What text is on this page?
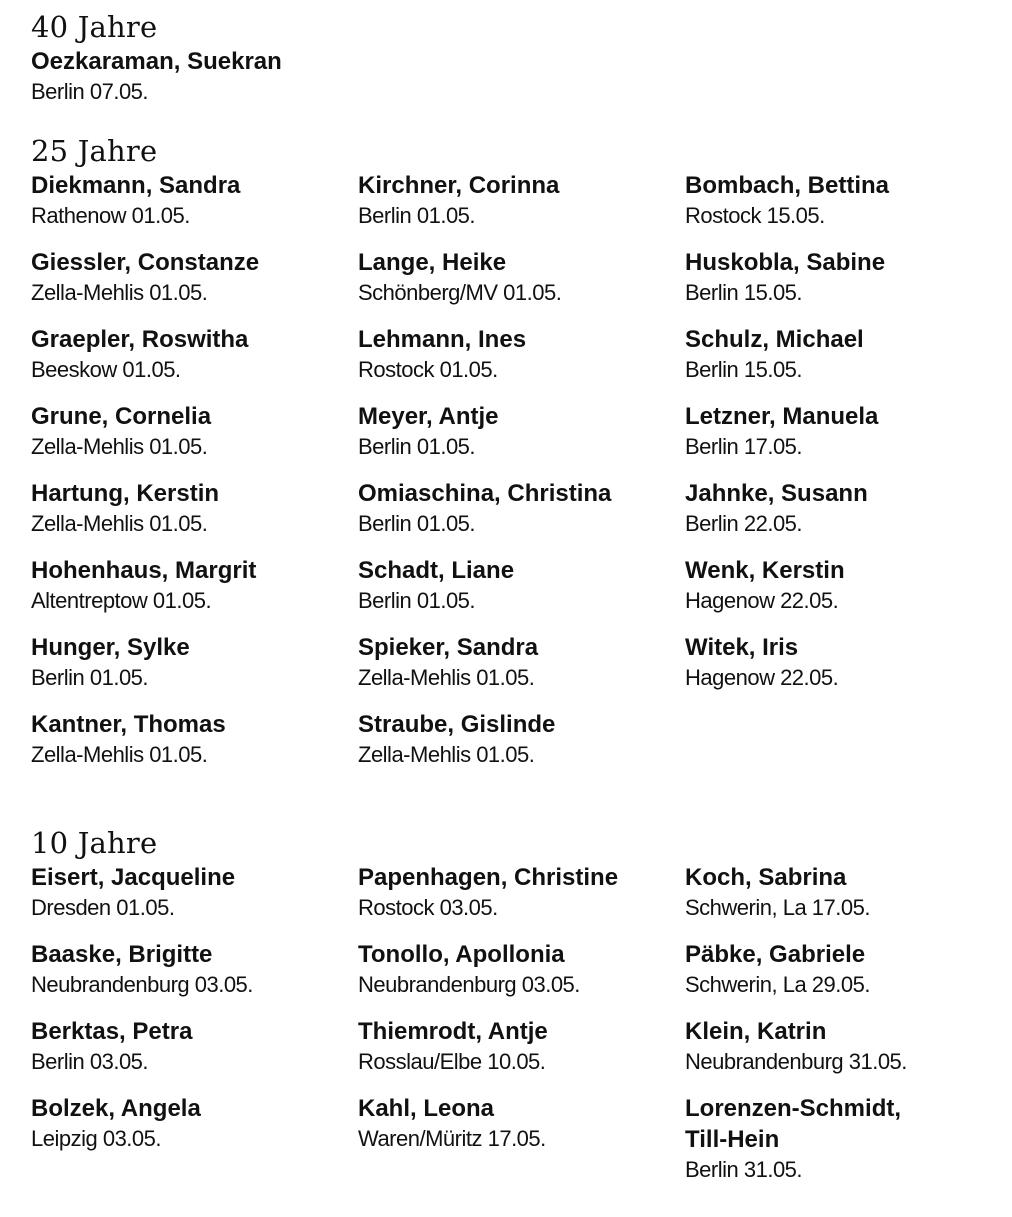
40 Jahre
Oezkaraman, Suekran
Berlin 07.05.
25 Jahre
Diekmann, Sandra
Rathenow 01.05.
Giessler, Constanze
Zella-Mehlis 01.05.
Graepler, Roswitha
Beeskow 01.05.
Grune, Cornelia
Zella-Mehlis 01.05.
Hartung, Kerstin
Zella-Mehlis 01.05.
Hohenhaus, Margrit
Altentreptow 01.05.
Hunger, Sylke
Berlin 01.05.
Kantner, Thomas
Zella-Mehlis 01.05.
Kirchner, Corinna
Berlin 01.05.
Lange, Heike
Schönberg/MV 01.05.
Lehmann, Ines
Rostock 01.05.
Meyer, Antje
Berlin 01.05.
Omiaschina, Christina
Berlin 01.05.
Schadt, Liane
Berlin 01.05.
Spieker, Sandra
Zella-Mehlis 01.05.
Straube, Gislinde
Zella-Mehlis 01.05.
Bombach, Bettina
Rostock 15.05.
Huskobla, Sabine
Berlin 15.05.
Schulz, Michael
Berlin 15.05.
Letzner, Manuela
Berlin 17.05.
Jahnke, Susann
Berlin 22.05.
Wenk, Kerstin
Hagenow 22.05.
Witek, Iris
Hagenow 22.05.
10 Jahre
Eisert, Jacqueline
Dresden 01.05.
Baaske, Brigitte
Neubrandenburg 03.05.
Berktas, Petra
Berlin 03.05.
Bolzek, Angela
Leipzig 03.05.
Papenhagen, Christine
Rostock 03.05.
Tonollo, Apollonia
Neubrandenburg 03.05.
Thiemrodt, Antje
Rosslau/Elbe 10.05.
Kahl, Leona
Waren/Müritz 17.05.
Koch, Sabrina
Schwerin, La 17.05.
Päbke, Gabriele
Schwerin, La 29.05.
Klein, Katrin
Neubrandenburg 31.05.
Lorenzen-Schmidt,
Till-Hein
Berlin 31.05.
